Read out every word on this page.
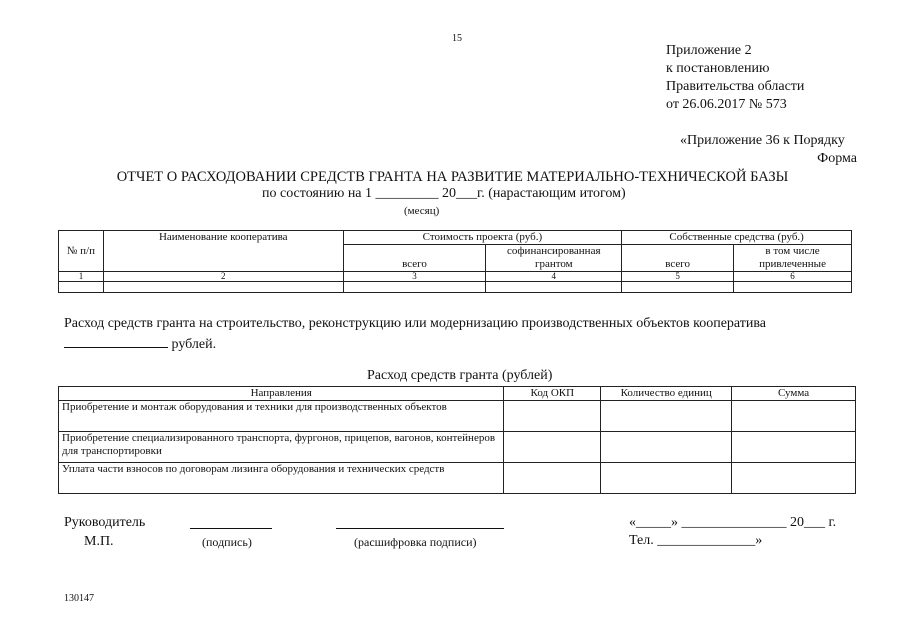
15
Приложение 2
к постановлению
Правительства области
от 26.06.2017 № 573
«Приложение 36 к Порядку
Форма
ОТЧЕТ О РАСХОДОВАНИИ СРЕДСТВ ГРАНТА НА РАЗВИТИЕ МАТЕРИАЛЬНО-ТЕХНИЧЕСКОЙ БАЗЫ
по состоянию на 1 _________ 20___г. (нарастающим итогом)
(месяц)
№ п/п	Наименование кооператива	Стоимость проекта (руб.)		Собственные средства (руб.)	
		всего	софинансированная грантом	всего	в том числе привлеченные
1	2	3	4	5	6

Расход средств гранта на строительство, реконструкцию или модернизацию производственных объектов кооператива
рублей.
Расход средств гранта (рублей)
Направления	Код ОКП	Количество единиц	Сумма
Приобретение и монтаж оборудования и техники для производственных объектов			
Приобретение специализированного транспорта, фургонов, прицепов, вагонов, контейнеров для транспортировки			
Уплата части взносов по договорам лизинга оборудования и технических средств			
Руководитель
М.П.	(подпись)	(расшифровка подписи)
«_____» _______________ 20___ г.
Тел. ______________»
130147
